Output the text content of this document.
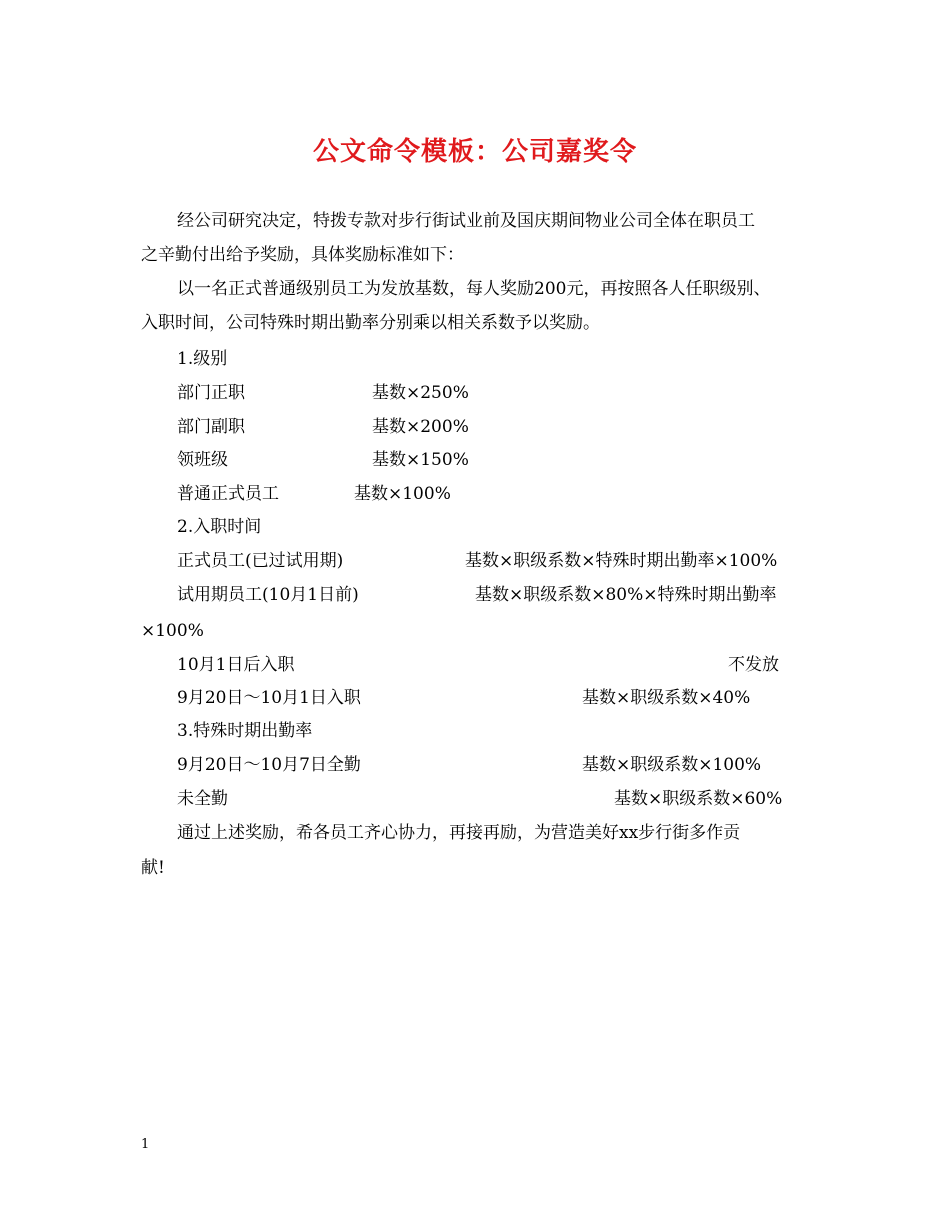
公文命令模板：公司嘉奖令
经公司研究决定，特拨专款对步行街试业前及国庆期间物业公司全体在职员工
之辛勤付出给予奖励，具体奖励标准如下：
以一名正式普通级别员工为发放基数，每人奖励200元，再按照各人任职级别、
入职时间，公司特殊时期出勤率分别乘以相关系数予以奖励。
1.级别
部门正职	基数×250%
部门副职	基数×200%
领班级	基数×150%
普通正式员工	基数×100%
2.入职时间
正式员工(已过试用期)	基数×职级系数×特殊时期出勤率×100%
试用期员工(10月1日前)	基数×职级系数×80%×特殊时期出勤率
×100%
10月1日后入职	不发放
9月20日～10月1日入职	基数×职级系数×40%
3.特殊时期出勤率
9月20日～10月7日全勤	基数×职级系数×100%
未全勤	基数×职级系数×60%
通过上述奖励，希各员工齐心协力，再接再励，为营造美好xx步行街多作贡
献!
1
